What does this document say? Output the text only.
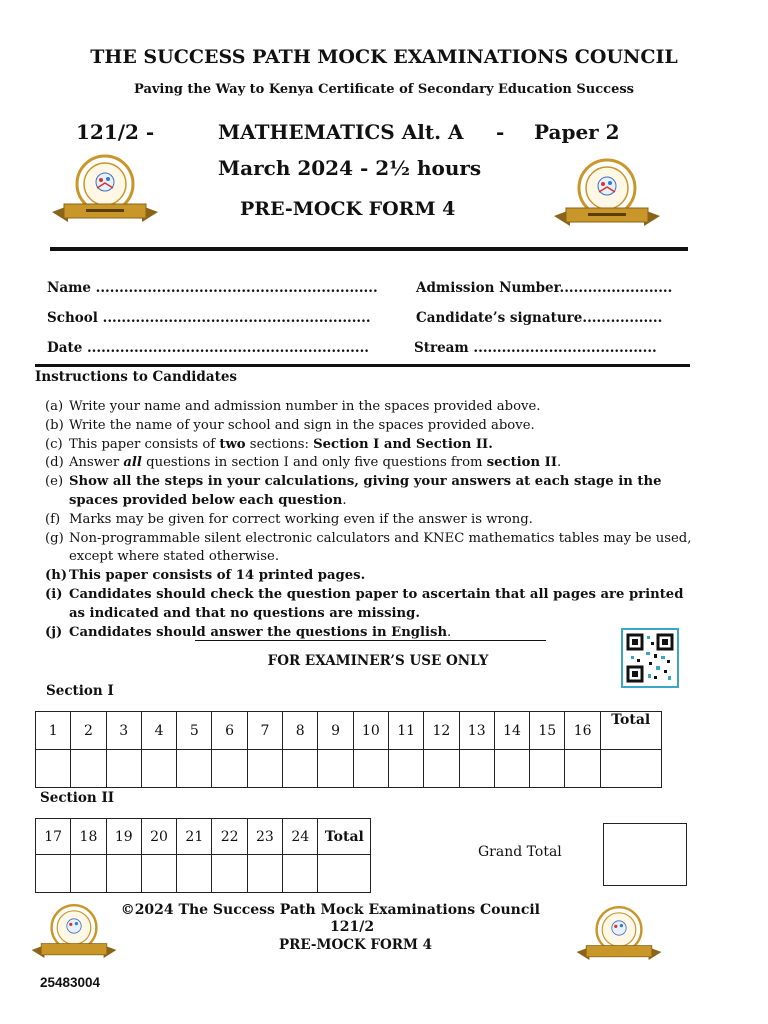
THE SUCCESS PATH MOCK EXAMINATIONS COUNCIL
Paving the Way to Kenya Certificate of Secondary Education Success
121/2 -	MATHEMATICS Alt. A - Paper 2
March 2024 - 2½ hours
PRE-MOCK FORM 4
Name ............................................................	Admission Number........................
School .........................................................	Candidate’s signature.................
Date ............................................................	Stream .......................................
Instructions to Candidates
(a) Write your name and admission number in the spaces provided above.
(b) Write the name of your school and sign in the spaces provided above.
(c) This paper consists of two sections: Section I and Section II.
(d) Answer all questions in section I and only five questions from section II.
(e) Show all the steps in your calculations, giving your answers at each stage in the spaces provided below each question.
(f) Marks may be given for correct working even if the answer is wrong.
(g) Non-programmable silent electronic calculators and KNEC mathematics tables may be used, except where stated otherwise.
(h) This paper consists of 14 printed pages.
(i) Candidates should check the question paper to ascertain that all pages are printed as indicated and that no questions are missing.
(j) Candidates should answer the questions in English.
FOR EXAMINER’S USE ONLY
Section I
1	2	3	4	5	6	7	8	9	10	11	12	13	14	15	16	Total

Section II
17	18	19	20	21	22	23	24	Total

Grand Total
©2024 The Success Path Mock Examinations Council
121/2
PRE-MOCK FORM 4
25483004
